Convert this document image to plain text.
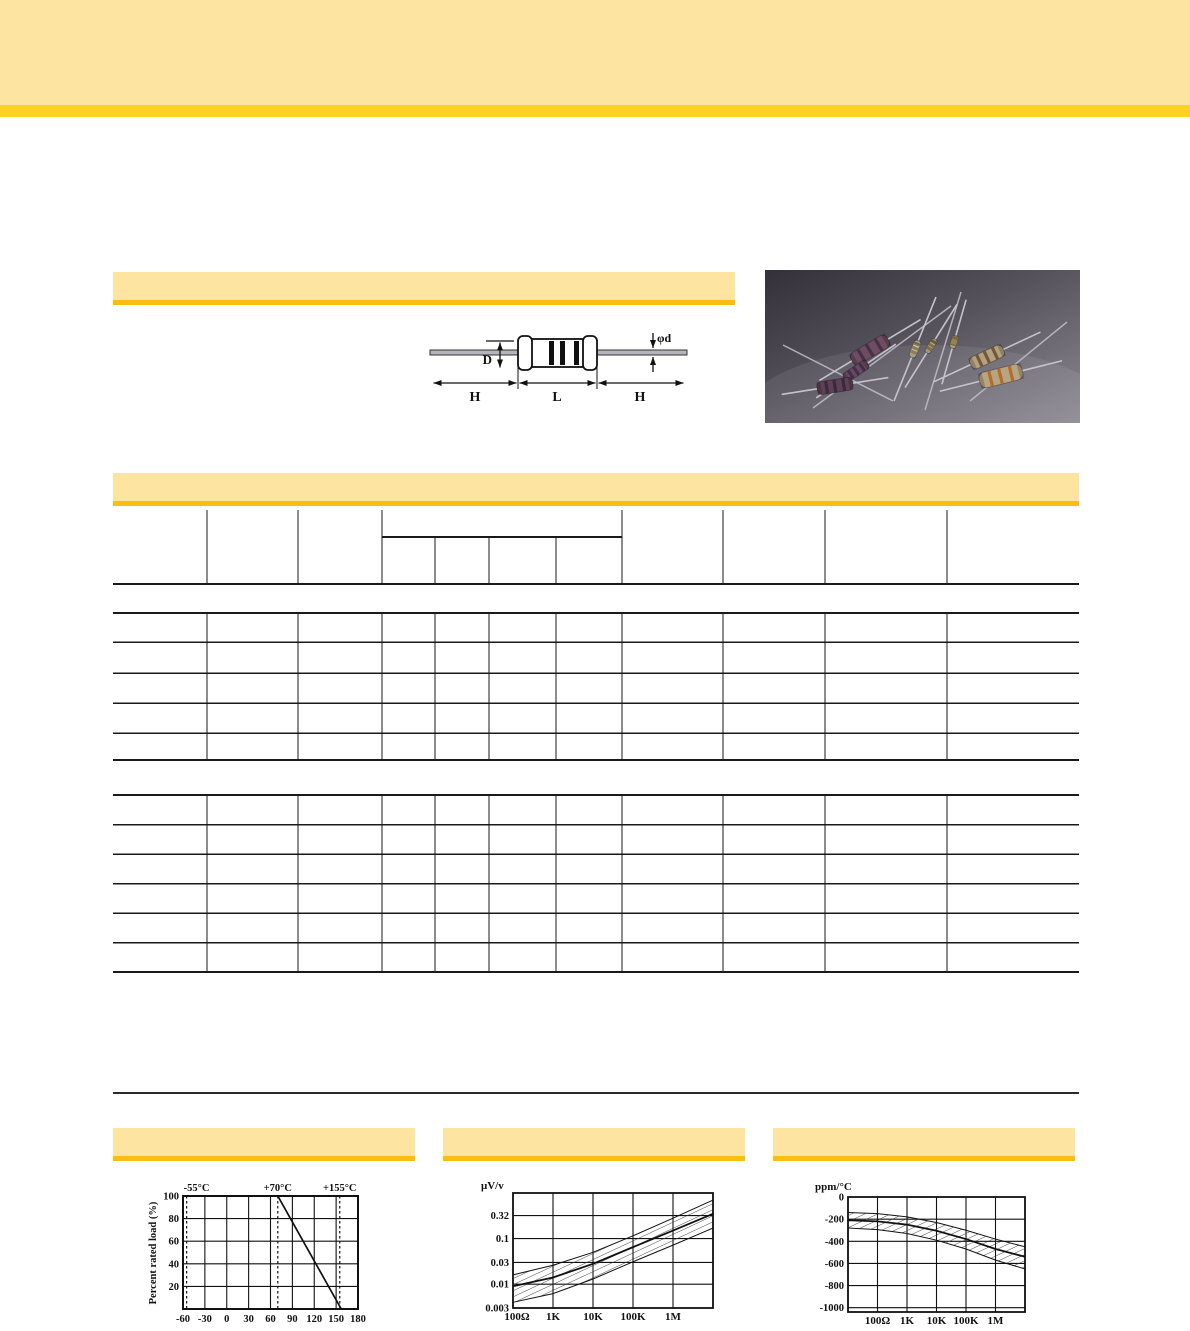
D
φd
H	L	H
-55°C	+70°C	+155°C
-60 -30 0 30 60 90 120 150 180
100
80
60
40
20
Percent rated load (%)	0.32
0.1
0.03
0.01
0.003
100Ω 1K 10K 100K 1M
μV/v
0
-200
-400
-600
-800
-1000
100Ω 1K 10K 100K 1M
ppm/°C
